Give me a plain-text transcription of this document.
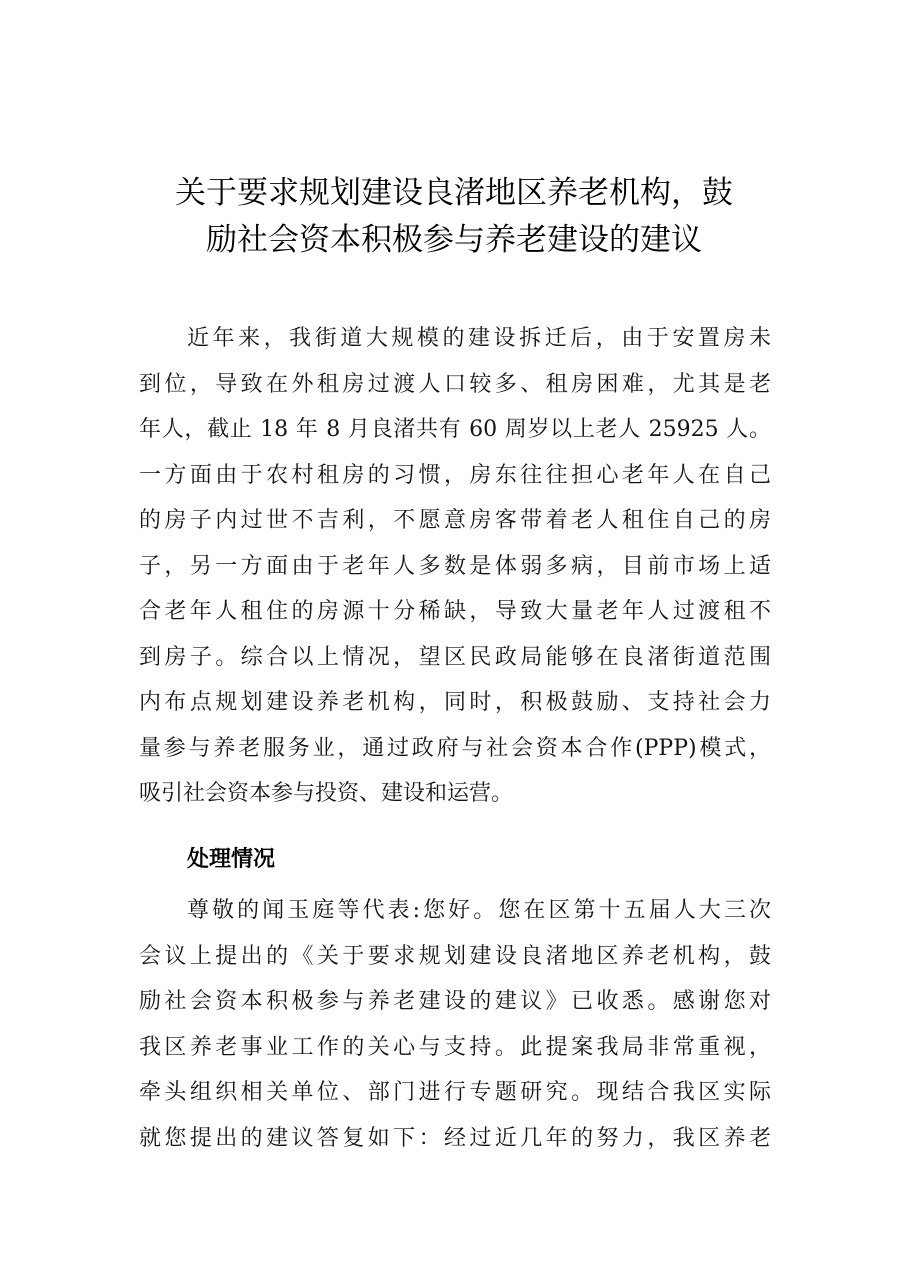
关于要求规划建设良渚地区养老机构，鼓
励社会资本积极参与养老建设的建议
近年来，我街道大规模的建设拆迁后，由于安置房未
到位，导致在外租房过渡人口较多、租房困难，尤其是老
年人，截止 18 年 8 月良渚共有 60 周岁以上老人 25925 人。
一方面由于农村租房的习惯，房东往往担心老年人在自己
的房子内过世不吉利，不愿意房客带着老人租住自己的房
子，另一方面由于老年人多数是体弱多病，目前市场上适
合老年人租住的房源十分稀缺，导致大量老年人过渡租不
到房子。综合以上情况，望区民政局能够在良渚街道范围
内布点规划建设养老机构，同时，积极鼓励、支持社会力
量参与养老服务业，通过政府与社会资本合作(PPP)模式，
吸引社会资本参与投资、建设和运营。
处理情况
尊敬的闻玉庭等代表:您好。您在区第十五届人大三次
会议上提出的《关于要求规划建设良渚地区养老机构，鼓
励社会资本积极参与养老建设的建议》已收悉。感谢您对
我区养老事业工作的关心与支持。此提案我局非常重视，
牵头组织相关单位、部门进行专题研究。现结合我区实际
就您提出的建议答复如下：经过近几年的努力，我区养老
